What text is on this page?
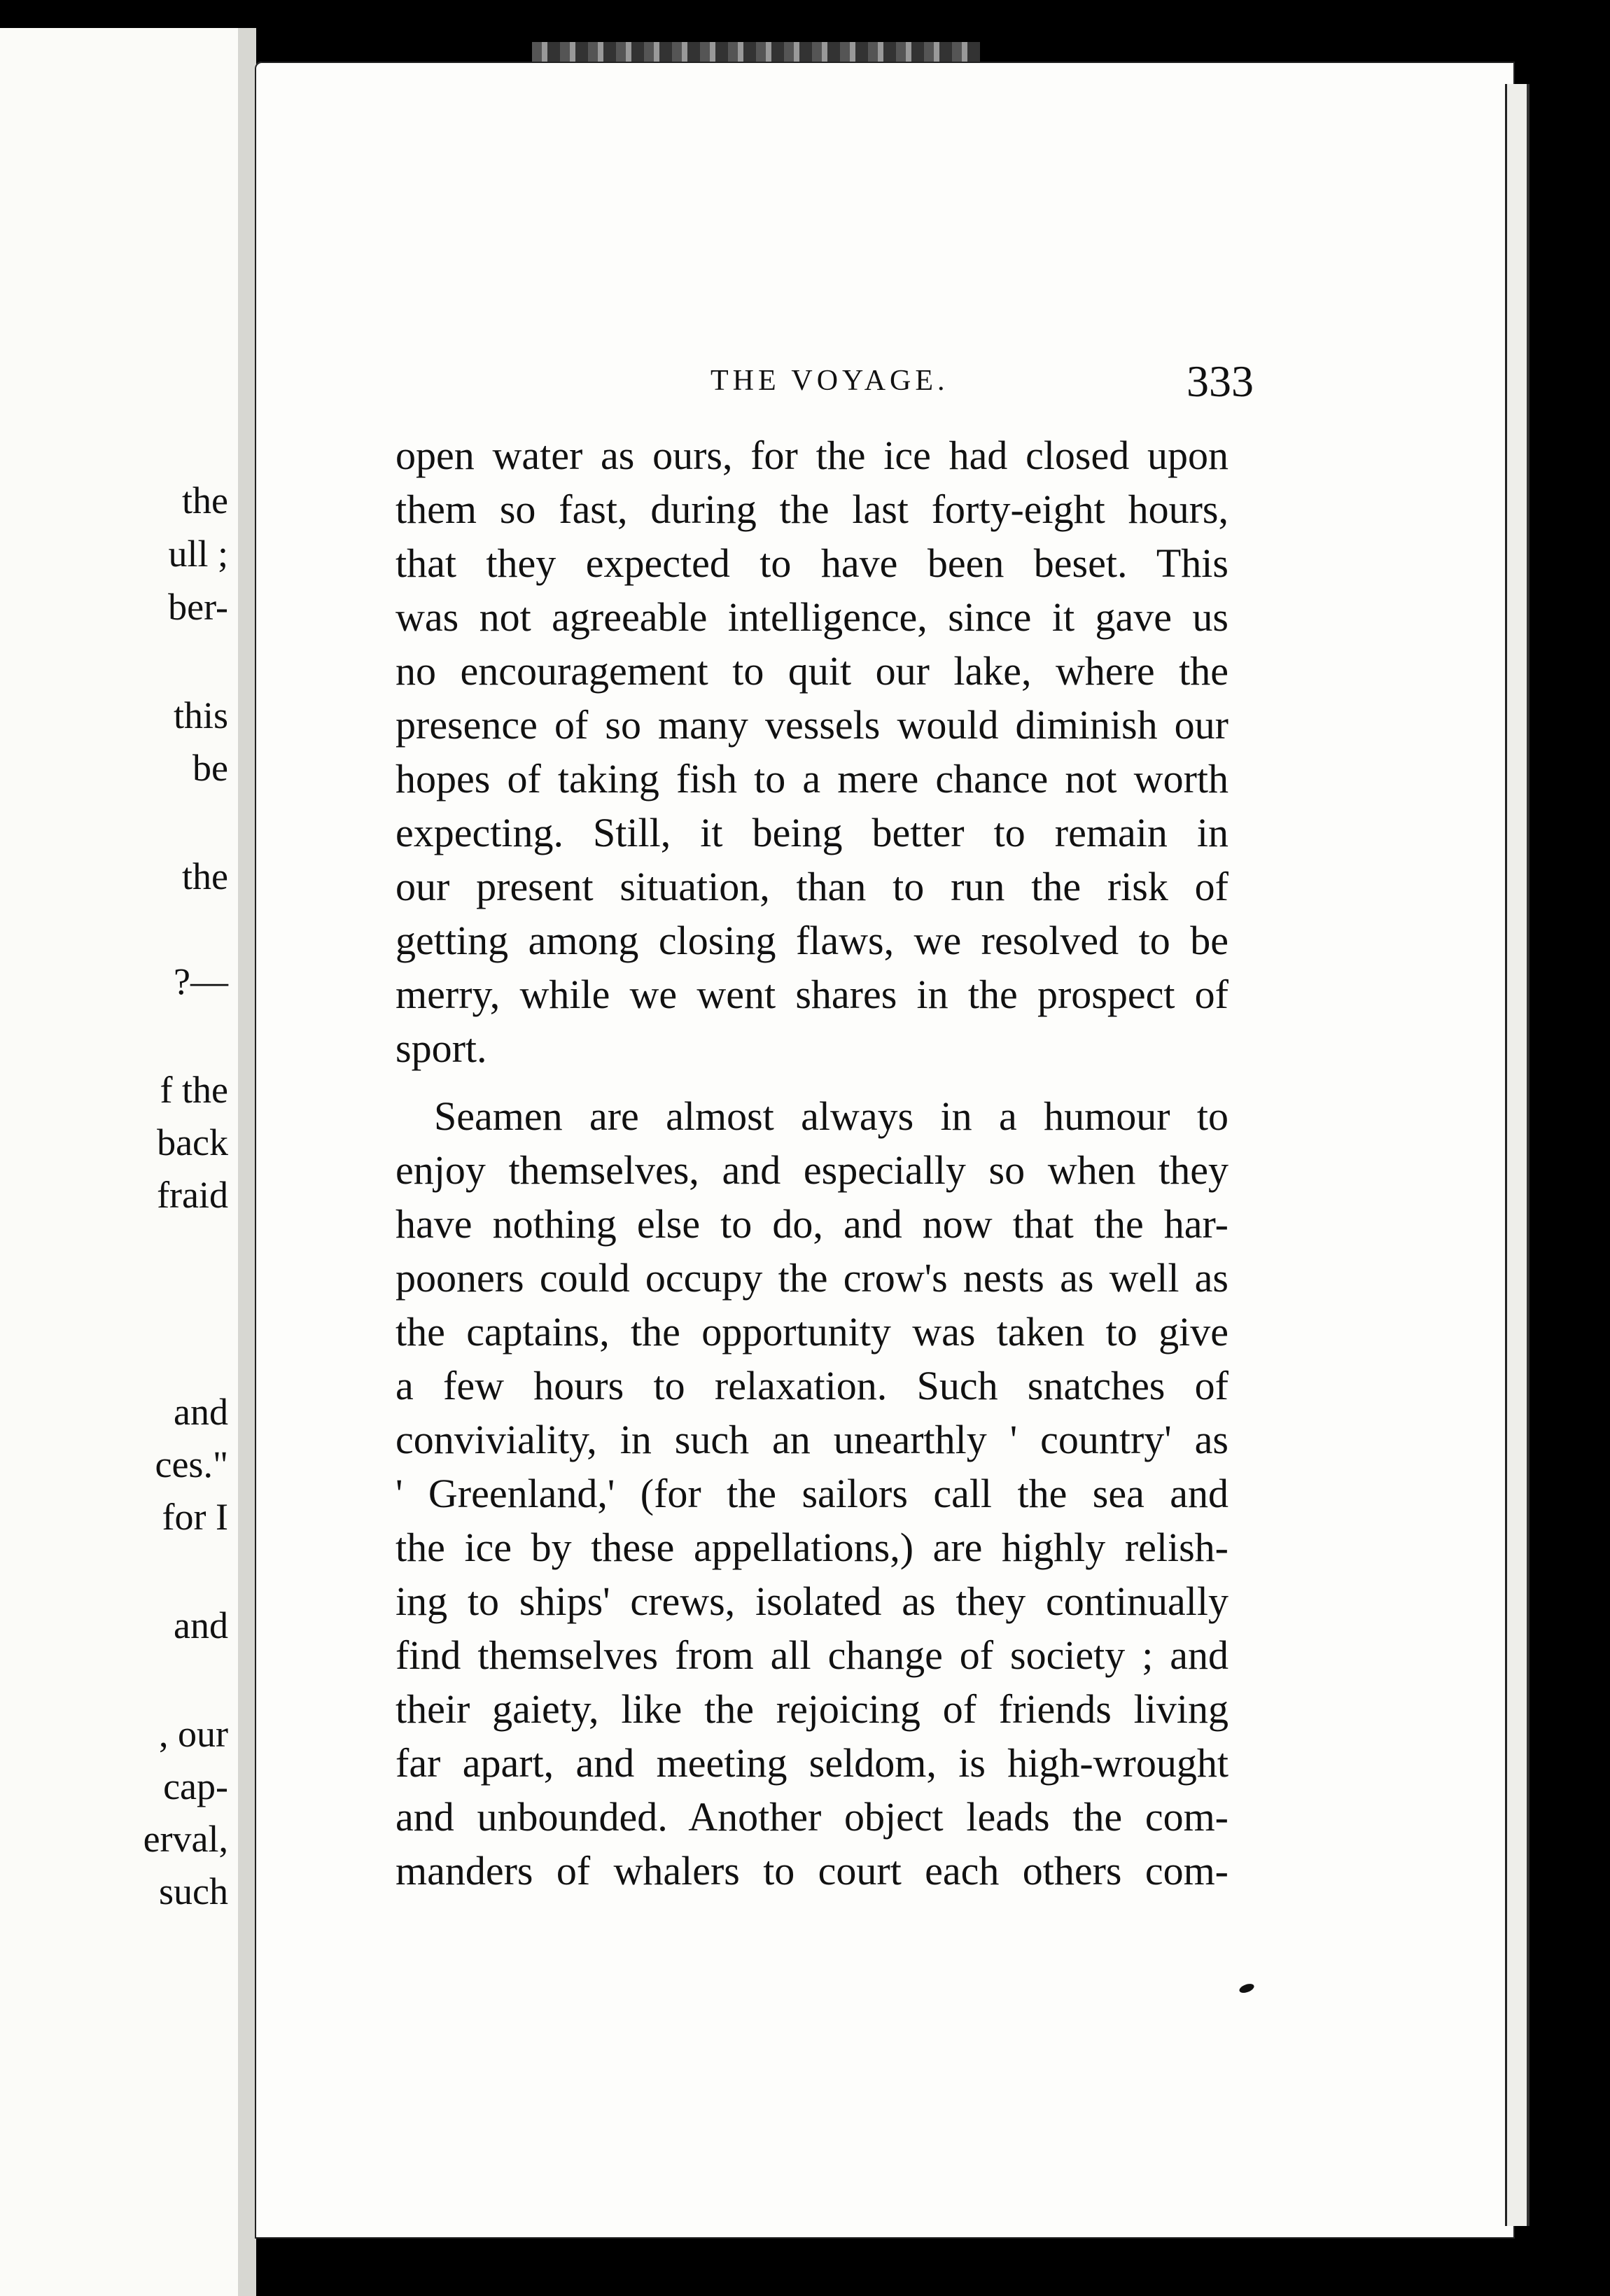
the
ull ;
ber-
this
be
the
?—
f the
back
fraid
and
ces."
for I
and
, our
cap-
erval,
such
THE VOYAGE.	333
open water as ours, for the ice had closed upon
them so fast, during the last forty-eight hours,
that they expected to have been beset. This
was not agreeable intelligence, since it gave us
no encouragement to quit our lake, where the
presence of so many vessels would diminish our
hopes of taking fish to a mere chance not worth
expecting. Still, it being better to remain in
our present situation, than to run the risk of
getting among closing flaws, we resolved to be
merry, while we went shares in the prospect of
sport.
Seamen are almost always in a humour to
enjoy themselves, and especially so when they
have nothing else to do, and now that the har-
pooners could occupy the crow's nests as well as
the captains, the opportunity was taken to give
a few hours to relaxation. Such snatches of
conviviality, in such an unearthly ' country' as
' Greenland,' (for the sailors call the sea and
the ice by these appellations,) are highly relish-
ing to ships' crews, isolated as they continually
find themselves from all change of society ; and
their gaiety, like the rejoicing of friends living
far apart, and meeting seldom, is high-wrought
and unbounded. Another object leads the com-
manders of whalers to court each others com-
